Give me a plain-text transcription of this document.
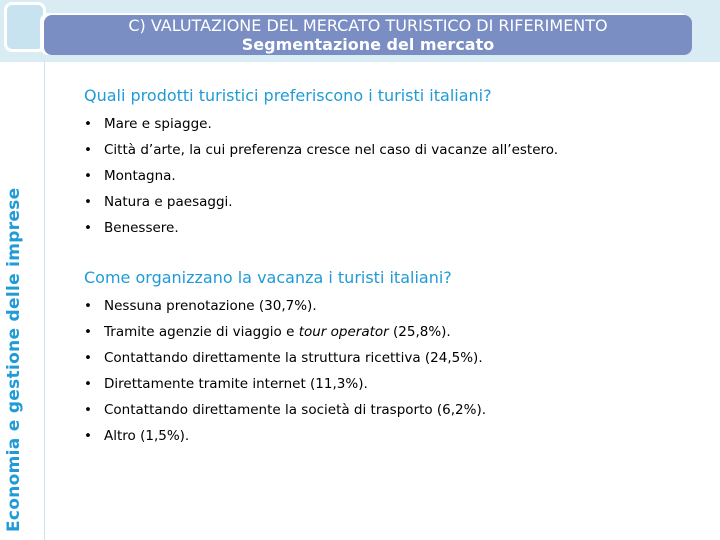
C) VALUTAZIONE DEL MERCATO TURISTICO DI RIFERIMENTO
Segmentazione del mercato
Economia e gestione delle imprese
Quali prodotti turistici preferiscono i turisti italiani?
• Mare e spiagge.
• Città d’arte, la cui preferenza cresce nel caso di vacanze all’estero.
• Montagna.
• Natura e paesaggi.
• Benessere.
Come organizzano la vacanza i turisti italiani?
• Nessuna prenotazione (30,7%).
• Tramite agenzie di viaggio e tour operator (25,8%).
• Contattando direttamente la struttura ricettiva (24,5%).
• Direttamente tramite internet (11,3%).
• Contattando direttamente la società di trasporto (6,2%).
• Altro (1,5%).
